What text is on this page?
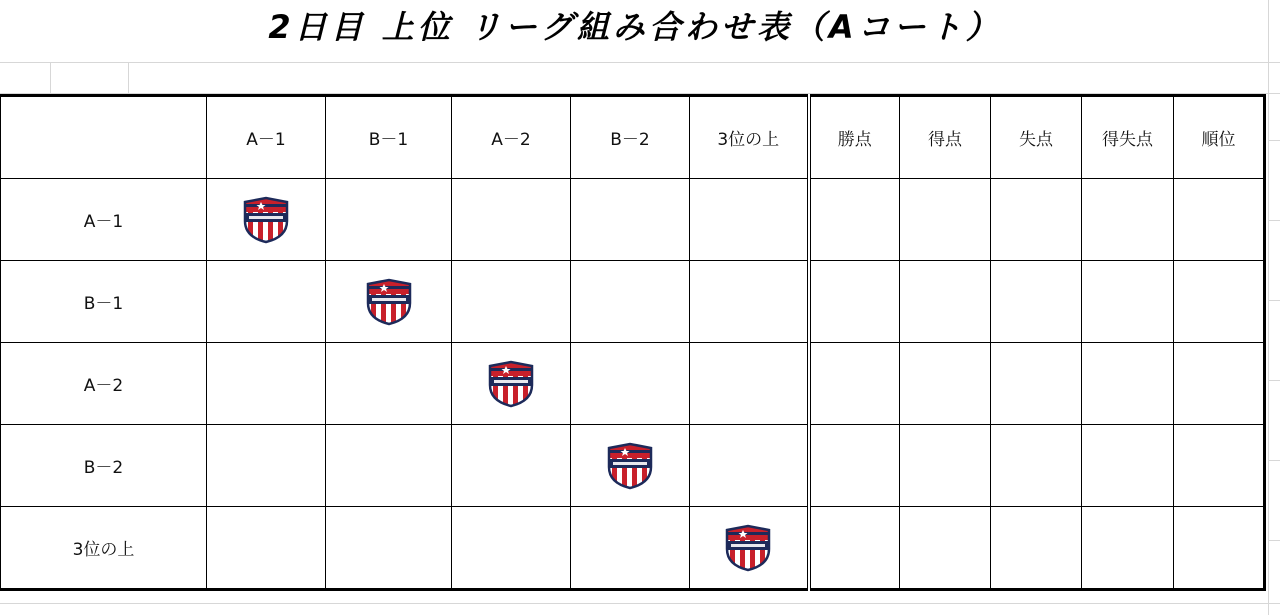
2日目 上位 リーグ組み合わせ表（Aコート）
	A－1	B－1	A－2	B－2	3位の上	勝点	得点	失点	得失点	順位
A－1	

B－1		

A－2			

B－2				

3位の上					
